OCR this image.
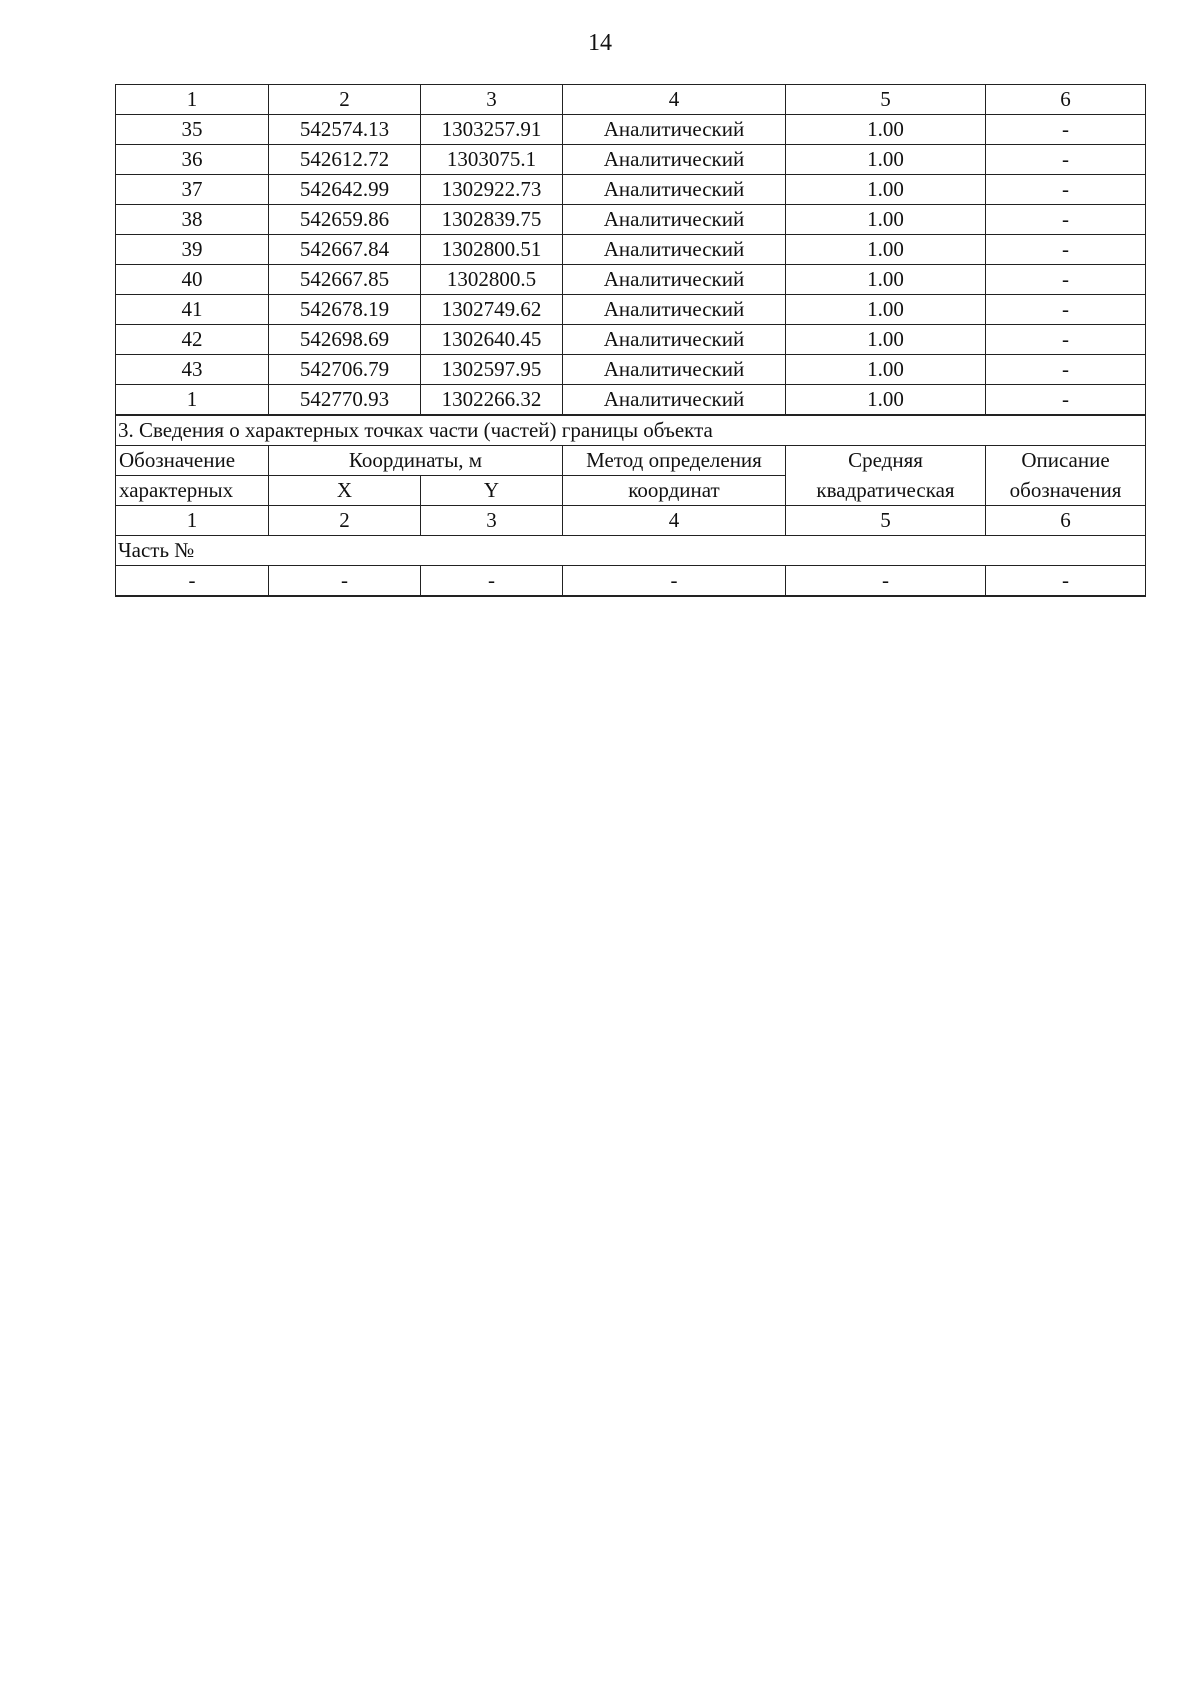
14
1	2	3	4	5	6
35	542574.13	1303257.91	Аналитический	1.00	-
36	542612.72	1303075.1	Аналитический	1.00	-
37	542642.99	1302922.73	Аналитический	1.00	-
38	542659.86	1302839.75	Аналитический	1.00	-
39	542667.84	1302800.51	Аналитический	1.00	-
40	542667.85	1302800.5	Аналитический	1.00	-
41	542678.19	1302749.62	Аналитический	1.00	-
42	542698.69	1302640.45	Аналитический	1.00	-
43	542706.79	1302597.95	Аналитический	1.00	-
1	542770.93	1302266.32	Аналитический	1.00	-
3. Сведения о характерных точках части (частей) границы объекта					
Обозначение	Координаты, м		Метод определения	Средняя	Описание
характерных	X	Y	координат	квадратическая	обозначения
1	2	3	4	5	6
Часть №					
-	-	-	-	-	-
